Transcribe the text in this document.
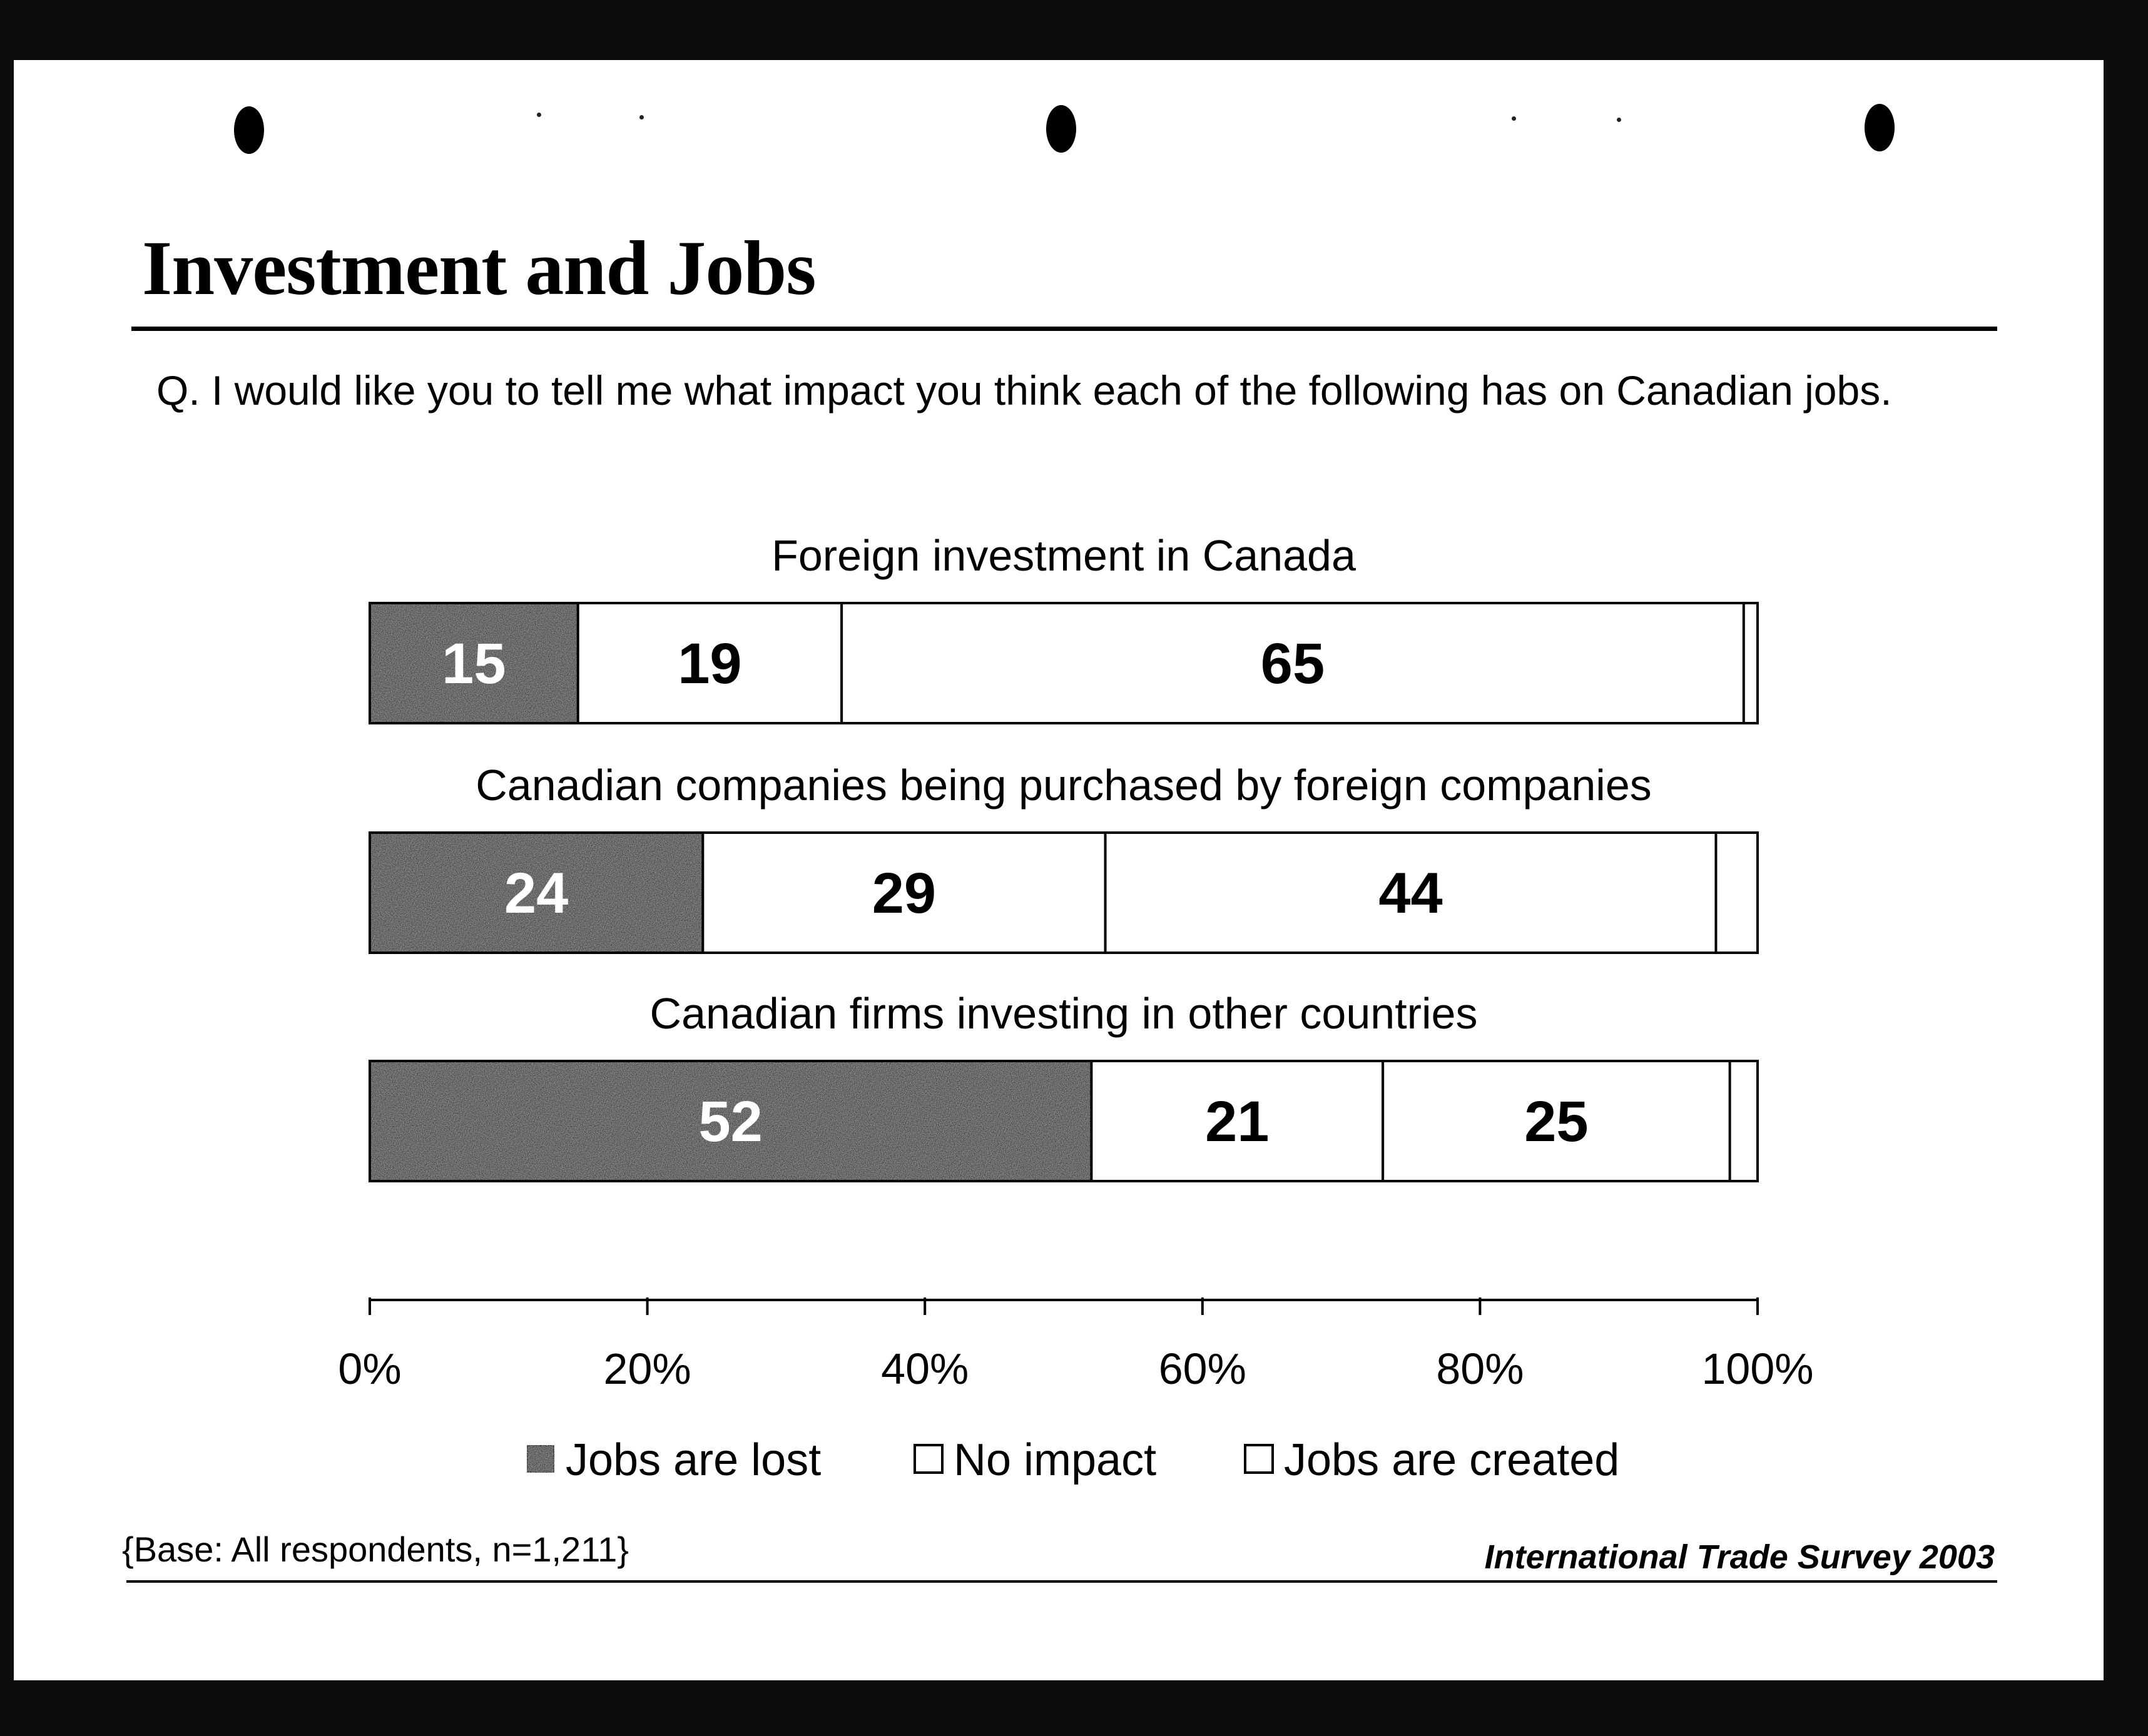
Investment and Jobs
Q. I would like you to tell me what impact you think each of the following has on Canadian jobs.
Foreign investment in Canada
15	19	65
Canadian companies being purchased by foreign companies
24	29	44
Canadian firms investing in other countries
52	21	25
0%	20%	40%	60%	80%	100%
Jobs are lost	No impact	Jobs are created
{Base: All respondents, n=1,211}	International Trade Survey 2003
